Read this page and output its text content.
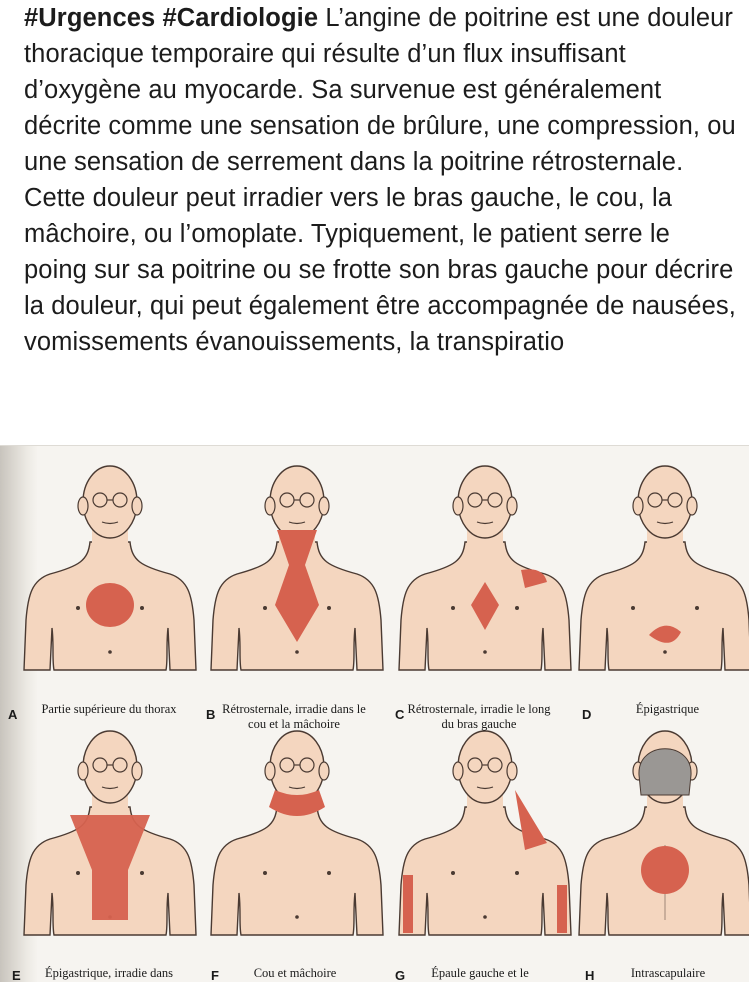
#Urgences #Cardiologie L’angine de poitrine est une douleur thoracique temporaire qui résulte d’un flux insuffisant d’oxygène au myocarde. Sa survenue est généralement décrite comme une sensation de brûlure, une compression, ou une sensation de serrement dans la poitrine rétrosternale. Cette douleur peut irradier vers le bras gauche, le cou, la mâchoire, ou l’omoplate. Typiquement, le patient serre le poing sur sa poitrine ou se frotte son bras gauche pour décrire la douleur, qui peut également être accompagnée de nausées, vomissements évanouissements, la transpiratio
A	Partie supérieure du thorax	B Rétrosternale, irradie dans le cou et la mâchoire
C Rétrosternale, irradie le long du bras gauche
D	Épigastrique
E	Épigastrique, irradie dans	F	Cou et mâchoire	G	Épaule gauche et le	H	Intrascapulaire
